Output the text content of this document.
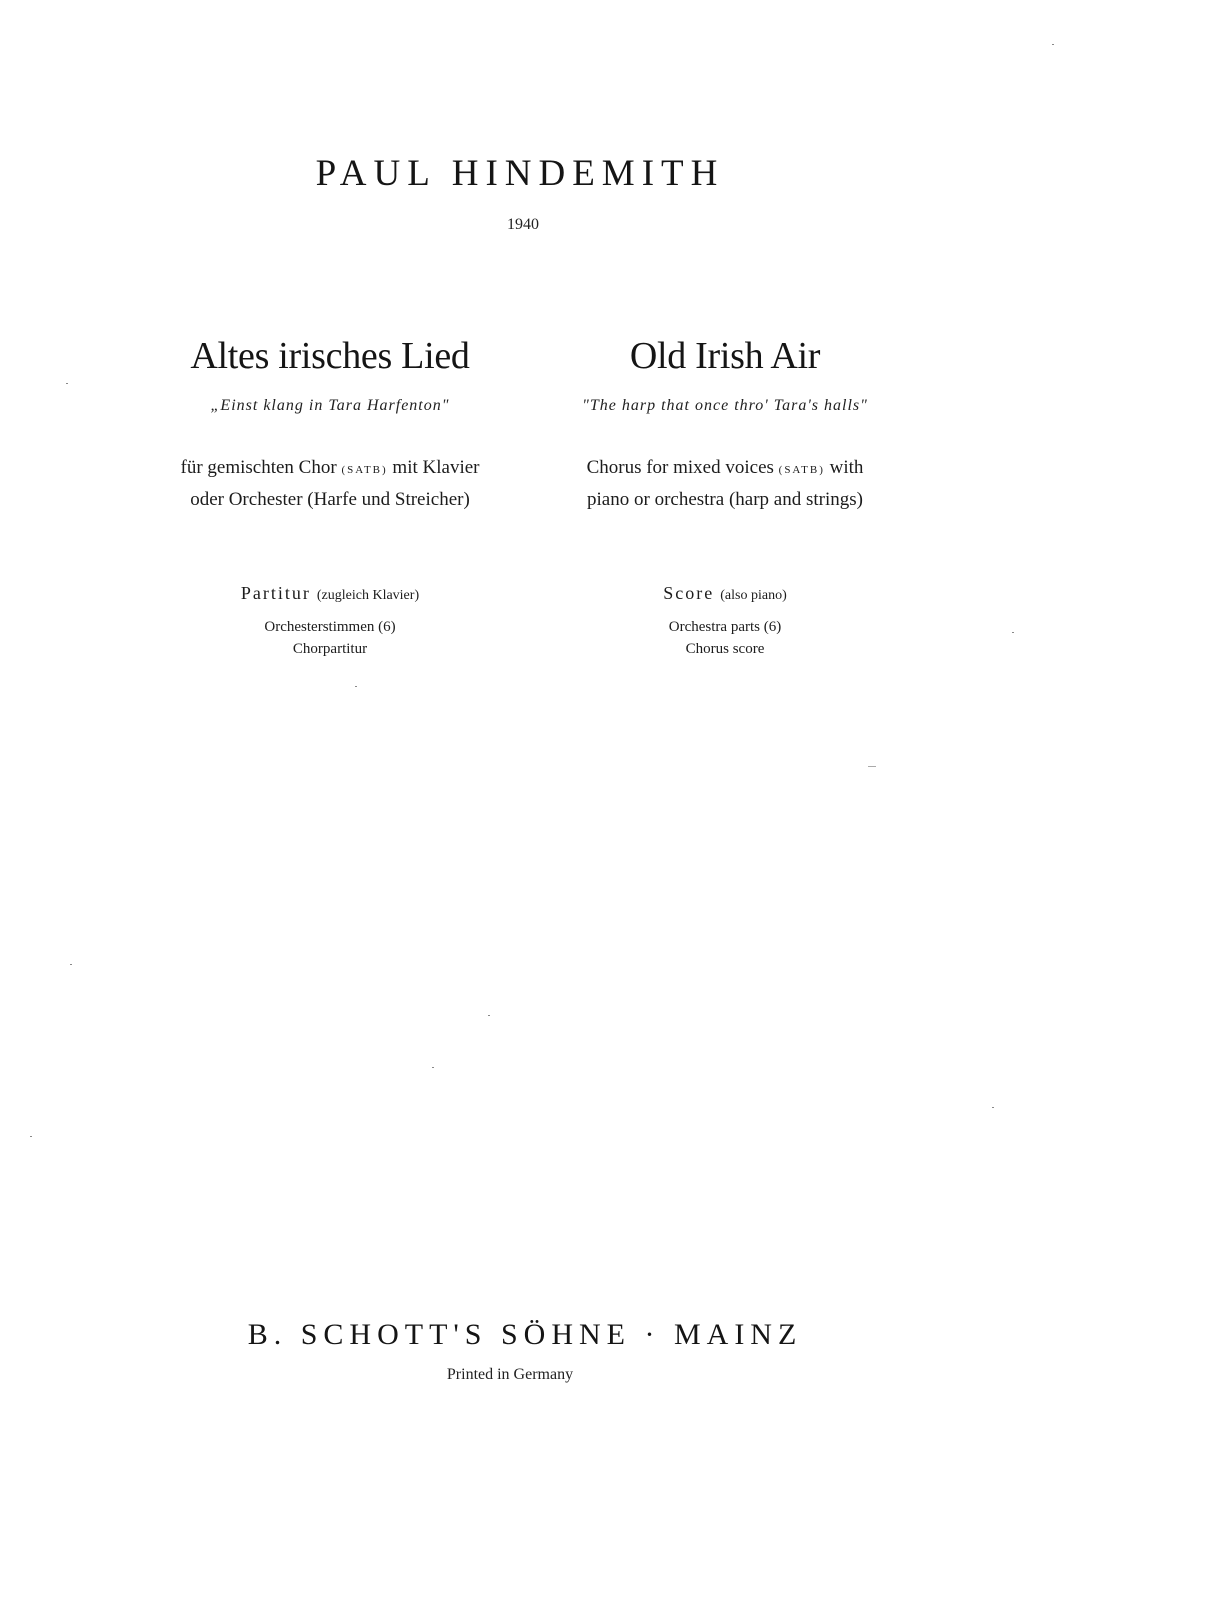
PAUL HINDEMITH
1940
Altes irisches Lied
„Einst klang in Tara Harfenton"
für gemischten Chor (SATB) mit Klavier
oder Orchester (Harfe und Streicher)
Partitur (zugleich Klavier)
Orchesterstimmen (6)
Chorpartitur
Old Irish Air
"The harp that once thro' Tara's halls"
Chorus for mixed voices (SATB) with
piano or orchestra (harp and strings)
Score (also piano)
Orchestra parts (6)
Chorus score
B. SCHOTT'S SÖHNE · MAINZ
Printed in Germany
